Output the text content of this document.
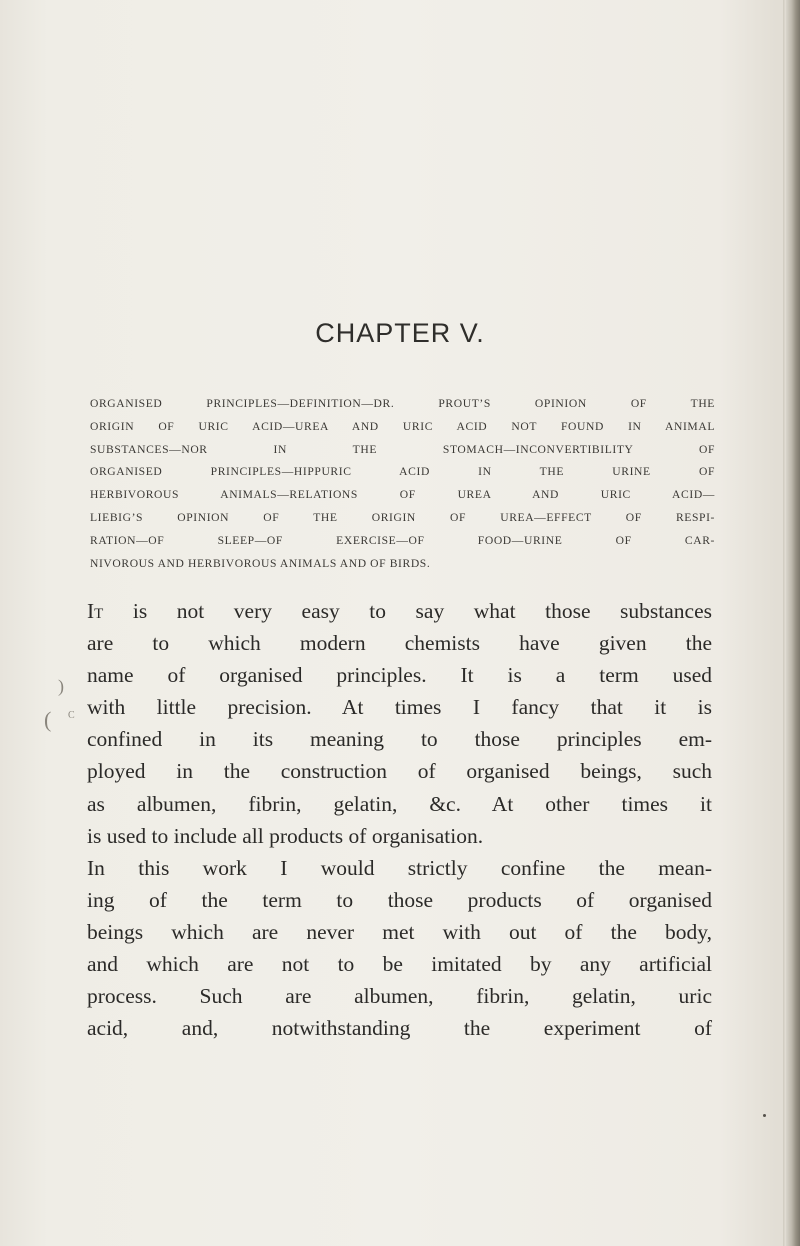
CHAPTER V.
ORGANISED PRINCIPLES—DEFINITION—DR. PROUT’S OPINION OF THE
ORIGIN OF URIC ACID—UREA AND URIC ACID NOT FOUND IN ANIMAL
SUBSTANCES—NOR IN THE STOMACH—INCONVERTIBILITY OF
ORGANISED PRINCIPLES—HIPPURIC ACID IN THE URINE OF
HERBIVOROUS ANIMALS—RELATIONS OF UREA AND URIC ACID—
LIEBIG’S OPINION OF THE ORIGIN OF UREA—EFFECT OF RESPI-
RATION—OF SLEEP—OF EXERCISE—OF FOOD—URINE OF CAR-
NIVOROUS AND HERBIVOROUS ANIMALS AND OF BIRDS.
It is not very easy to say what those substances
are to which modern chemists have given the
name of organised principles. It is a term used
with little precision. At times I fancy that it is
confined in its meaning to those principles em-
ployed in the construction of organised beings, such
as albumen, fibrin, gelatin, &c. At other times it
is used to include all products of organisation.
In this work I would strictly confine the mean-
ing of the term to those products of organised
beings which are never met with out of the body,
and which are not to be imitated by any artificial
process. Such are albumen, fibrin, gelatin, uric
acid, and, notwithstanding the experiment of
)
( C
